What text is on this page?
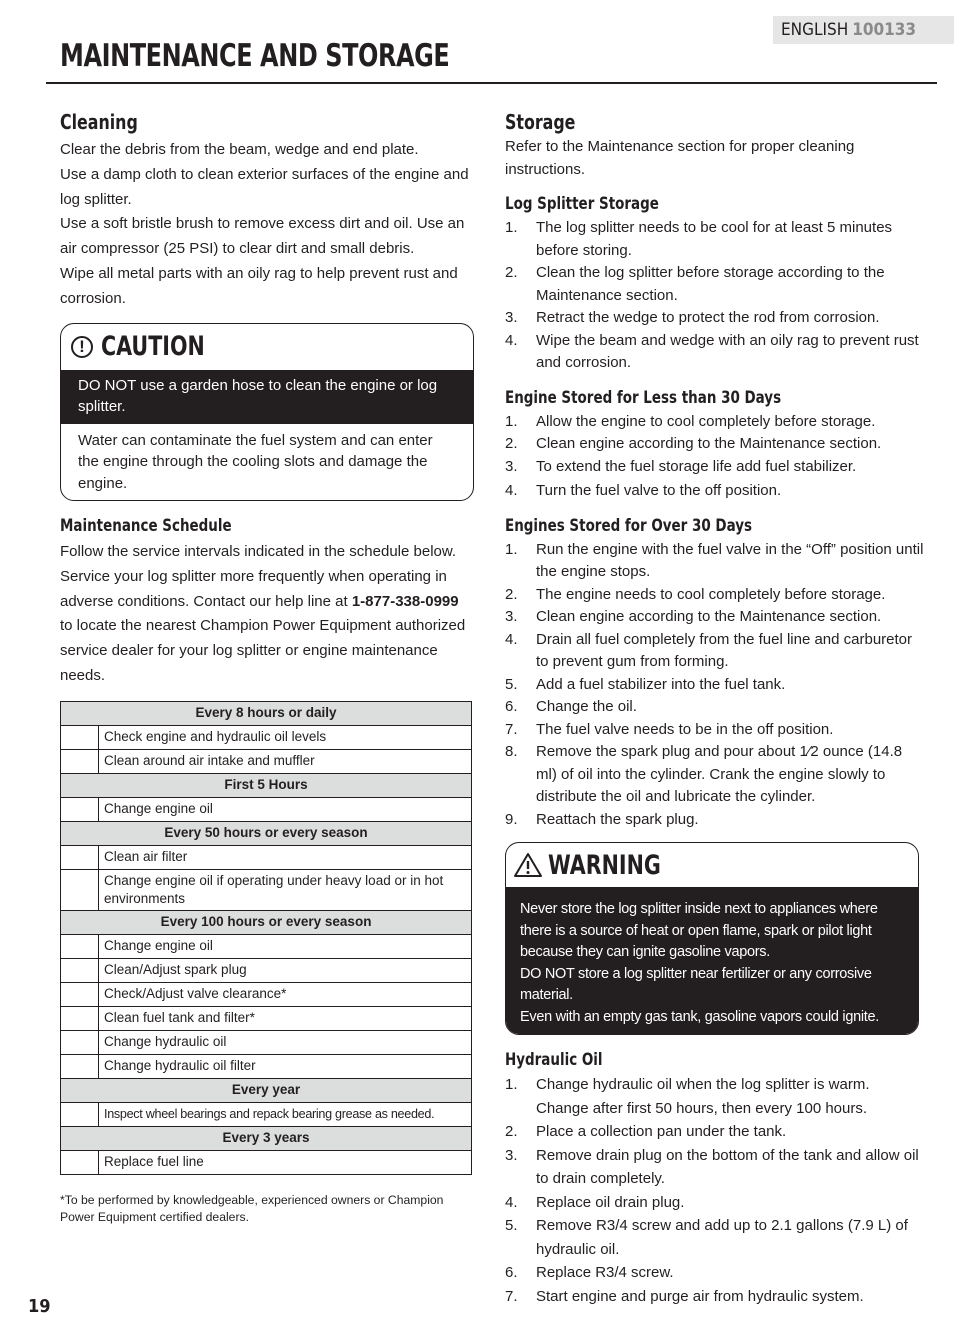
ENGLISH 100133
MAINTENANCE AND STORAGE
Cleaning

Clear the debris from the beam, wedge and end plate.

Use a damp cloth to clean exterior surfaces of the engine and log splitter.

Use a soft bristle brush to remove excess dirt and oil. Use an air compressor (25 PSI) to clear dirt and small debris.

Wipe all metal parts with an oily rag to help prevent rust and corrosion.

! CAUTION
DO NOT use a garden hose to clean the engine or log splitter.
Water can contaminate the fuel system and can enter the engine through the cooling slots and damage the engine.
Maintenance Schedule

Follow the service intervals indicated in the schedule below. Service your log splitter more frequently when operating in adverse conditions. Contact our help line at 1-877-338-0999 to locate the nearest Champion Power Equipment authorized service dealer for your log splitter or engine maintenance needs.

Every 8 hours or daily	
	Check engine and hydraulic oil levels
	Clean around air intake and muffler
First 5 Hours	
	Change engine oil
Every 50 hours or every season	
	Clean air filter
	Change engine oil if operating under heavy load or in hot environments
Every 100 hours or every season	
	Change engine oil
	Clean/Adjust spark plug
	Check/Adjust valve clearance*
	Clean fuel tank and filter*
	Change hydraulic oil
	Change hydraulic oil filter
Every year	
	Inspect wheel bearings and repack bearing grease as needed.
Every 3 years	
	Replace fuel line
*To be performed by knowledgeable, experienced owners or Champion Power Equipment certified dealers.
Storage

Refer to the Maintenance section for proper cleaning instructions.

Log Splitter Storage
1. The log splitter needs to be cool for at least 5 minutes before storing.
2. Clean the log splitter before storage according to the Maintenance section.
3. Retract the wedge to protect the rod from corrosion.
4. Wipe the beam and wedge with an oily rag to prevent rust and corrosion.
Engine Stored for Less than 30 Days
1. Allow the engine to cool completely before storage.
2. Clean engine according to the Maintenance section.
3. To extend the fuel storage life add fuel stabilizer.
4. Turn the fuel valve to the off position.
Engines Stored for Over 30 Days
1. Run the engine with the fuel valve in the “Off” position until the engine stops.
2. The engine needs to cool completely before storage.
3. Clean engine according to the Maintenance section.
4. Drain all fuel completely from the fuel line and carburetor to prevent gum from forming.
5. Add a fuel stabilizer into the fuel tank.
6. Change the oil.
7. The fuel valve needs to be in the off position.
8. Remove the spark plug and pour about 1⁄2 ounce (14.8 ml) of oil into the cylinder. Crank the engine slowly to distribute the oil and lubricate the cylinder.
9. Reattach the spark plug.
WARNING
Never store the log splitter inside next to appliances where there is a source of heat or open flame, spark or pilot light because they can ignite gasoline vapors.
DO NOT store a log splitter near fertilizer or any corrosive material.
Even with an empty gas tank, gasoline vapors could ignite.
Hydraulic Oil
1. Change hydraulic oil when the log splitter is warm. Change after first 50 hours, then every 100 hours.
2. Place a collection pan under the tank.
3. Remove drain plug on the bottom of the tank and allow oil to drain completely.
4. Replace oil drain plug.
5. Remove R3/4 screw and add up to 2.1 gallons (7.9 L) of hydraulic oil.
6. Replace R3/4 screw.
7. Start engine and purge air from hydraulic system.
19
